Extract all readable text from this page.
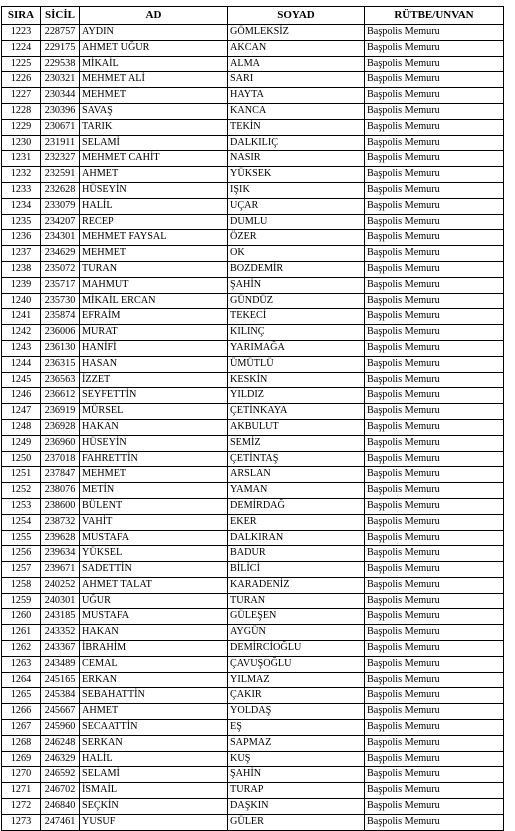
SIRA	SİCİL	AD	SOYAD	RÜTBE/UNVAN
1223	228757	AYDIN	GÖMLEKSİZ	Başpolis Memuru
1224	229175	AHMET UĞUR	AKCAN	Başpolis Memuru
1225	229538	MİKAİL	ALMA	Başpolis Memuru
1226	230321	MEHMET ALİ	SARI	Başpolis Memuru
1227	230344	MEHMET	HAYTA	Başpolis Memuru
1228	230396	SAVAŞ	KANCA	Başpolis Memuru
1229	230671	TARIK	TEKİN	Başpolis Memuru
1230	231911	SELAMİ	DALKILIÇ	Başpolis Memuru
1231	232327	MEHMET CAHİT	NASIR	Başpolis Memuru
1232	232591	AHMET	YÜKSEK	Başpolis Memuru
1233	232628	HÜSEYİN	IŞIK	Başpolis Memuru
1234	233079	HALİL	UÇAR	Başpolis Memuru
1235	234207	RECEP	DUMLU	Başpolis Memuru
1236	234301	MEHMET FAYSAL	ÖZER	Başpolis Memuru
1237	234629	MEHMET	OK	Başpolis Memuru
1238	235072	TURAN	BOZDEMİR	Başpolis Memuru
1239	235717	MAHMUT	ŞAHİN	Başpolis Memuru
1240	235730	MİKAİL ERCAN	GÜNDÜZ	Başpolis Memuru
1241	235874	EFRAİM	TEKECİ	Başpolis Memuru
1242	236006	MURAT	KILINÇ	Başpolis Memuru
1243	236130	HANİFİ	YARIMAĞA	Başpolis Memuru
1244	236315	HASAN	ÜMÜTLÜ	Başpolis Memuru
1245	236563	İZZET	KESKİN	Başpolis Memuru
1246	236612	SEYFETTİN	YILDIZ	Başpolis Memuru
1247	236919	MÜRSEL	ÇETİNKAYA	Başpolis Memuru
1248	236928	HAKAN	AKBULUT	Başpolis Memuru
1249	236960	HÜSEYİN	SEMİZ	Başpolis Memuru
1250	237018	FAHRETTİN	ÇETİNTAŞ	Başpolis Memuru
1251	237847	MEHMET	ARSLAN	Başpolis Memuru
1252	238076	METİN	YAMAN	Başpolis Memuru
1253	238600	BÜLENT	DEMİRDAĞ	Başpolis Memuru
1254	238732	VAHİT	EKER	Başpolis Memuru
1255	239628	MUSTAFA	DALKIRAN	Başpolis Memuru
1256	239634	YÜKSEL	BADUR	Başpolis Memuru
1257	239671	SADETTİN	BİLİCİ	Başpolis Memuru
1258	240252	AHMET TALAT	KARADENİZ	Başpolis Memuru
1259	240301	UĞUR	TURAN	Başpolis Memuru
1260	243185	MUSTAFA	GÜLEŞEN	Başpolis Memuru
1261	243352	HAKAN	AYGÜN	Başpolis Memuru
1262	243367	İBRAHİM	DEMİRCİOĞLU	Başpolis Memuru
1263	243489	CEMAL	ÇAVUŞOĞLU	Başpolis Memuru
1264	245165	ERKAN	YILMAZ	Başpolis Memuru
1265	245384	SEBAHATTİN	ÇAKIR	Başpolis Memuru
1266	245667	AHMET	YOLDAŞ	Başpolis Memuru
1267	245960	SECAATTİN	EŞ	Başpolis Memuru
1268	246248	SERKAN	SAPMAZ	Başpolis Memuru
1269	246329	HALİL	KUŞ	Başpolis Memuru
1270	246592	SELAMİ	ŞAHİN	Başpolis Memuru
1271	246702	İSMAİL	TURAP	Başpolis Memuru
1272	246840	SEÇKİN	DAŞKIN	Başpolis Memuru
1273	247461	YUSUF	GÜLER	Başpolis Memuru
